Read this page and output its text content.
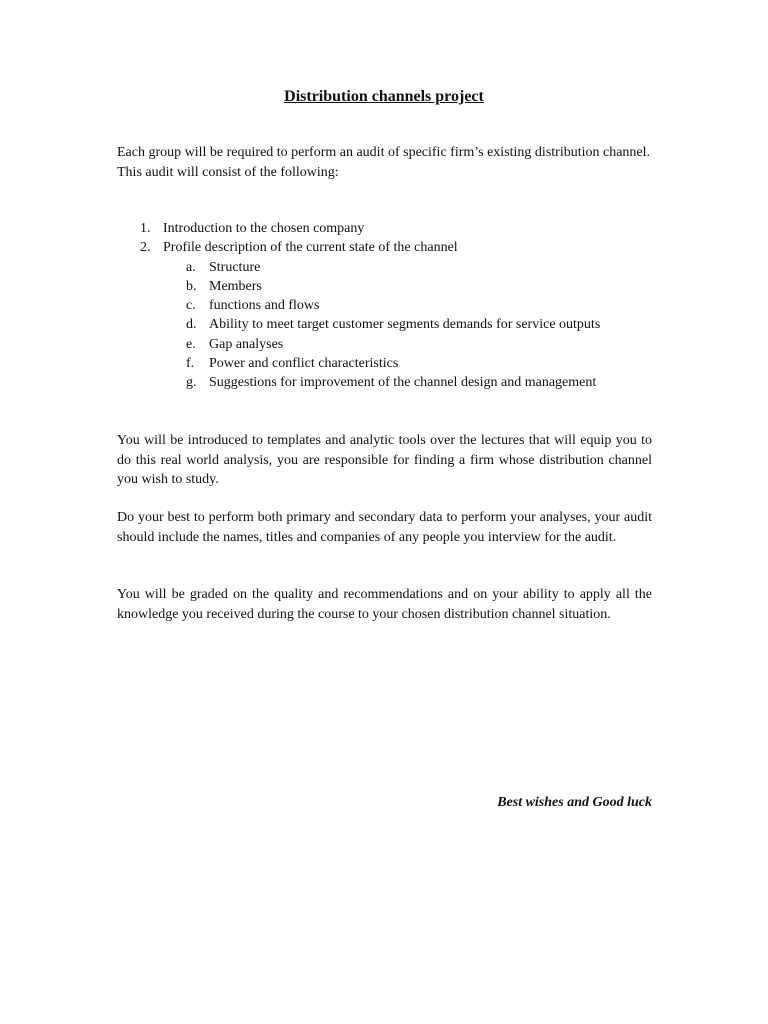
Distribution channels project

Each group will be required to perform an audit of specific firm’s existing distribution channel. This audit will consist of the following:

1. Introduction to the chosen company
2. Profile description of the current state of the channel
a. Structure
b. Members
c. functions and flows
d. Ability to meet target customer segments demands for service outputs
e. Gap analyses
f. Power and conflict characteristics
g. Suggestions for improvement of the channel design and management

You will be introduced to templates and analytic tools over the lectures that will equip you to do this real world analysis, you are responsible for finding a firm whose distribution channel you wish to study.

Do your best to perform both primary and secondary data to perform your analyses, your audit should include the names, titles and companies of any people you interview for the audit.

You will be graded on the quality and recommendations and on your ability to apply all the knowledge you received during the course to your chosen distribution channel situation.

Best wishes and Good luck
